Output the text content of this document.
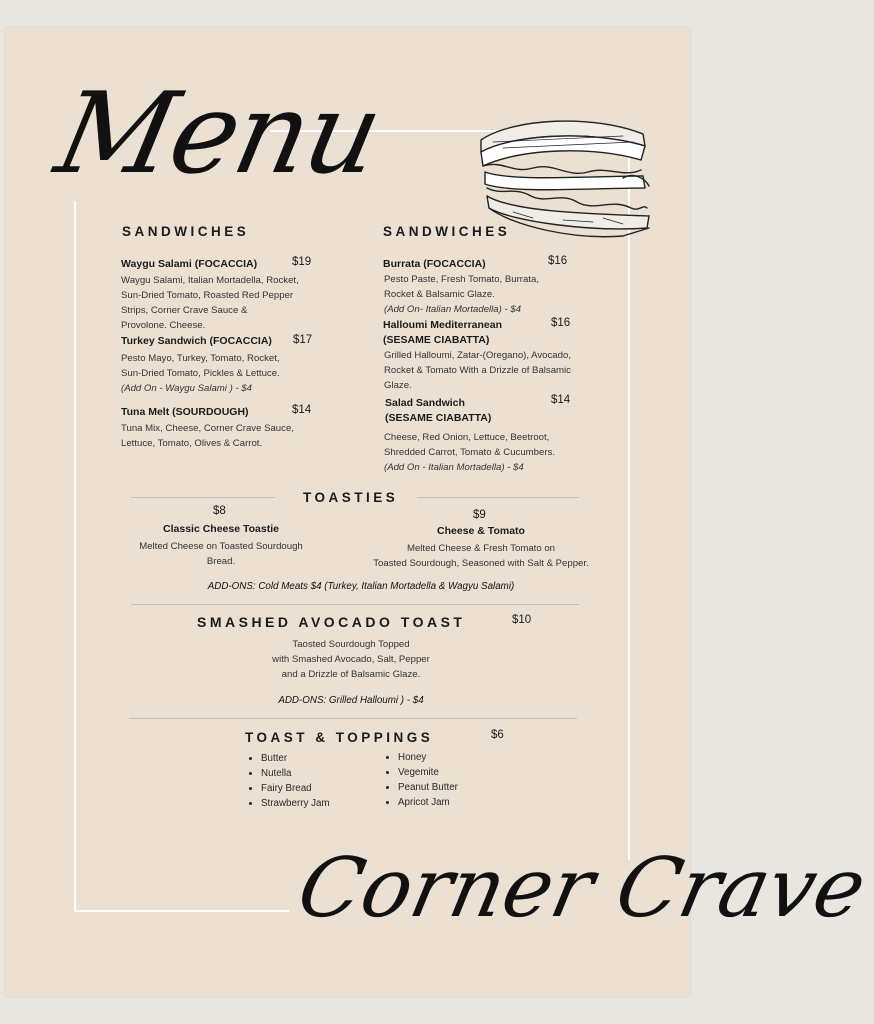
Menu
SANDWICHES
Waygu Salami (FOCACCIA)	$19
Waygu Salami, Italian Mortadella, Rocket,
Sun-Dried Tomato, Roasted Red Pepper
Strips, Corner Crave Sauce &
Provolone. Cheese.
Turkey Sandwich (FOCACCIA) $17
Pesto Mayo, Turkey, Tomato, Rocket,
Sun-Dried Tomato, Pickles & Lettuce.
(Add On - Waygu Salami ) - $4
Tuna Melt (SOURDOUGH)	$14
Tuna Mix, Cheese, Corner Crave Sauce,
Lettuce, Tomato, Olives & Carrot.
SANDWICHES
Burrata (FOCACCIA)	$16
Pesto Paste, Fresh Tomato, Burrata,
Rocket & Balsamic Glaze.
(Add On- Italian Mortadella) - $4
Halloumi Mediterranean
(SESAME CIABATTA)
$16
Grilled Halloumi, Zatar-(Oregano), Avocado,
Rocket & Tomato With a Drizzle of Balsamic
Glaze.
Salad Sandwich
(SESAME CIABATTA)
$14
Cheese, Red Onion, Lettuce, Beetroot,
Shredded Carrot, Tomato & Cucumbers.
(Add On - Italian Mortadella) - $4
TOASTIES
$8
Classic Cheese Toastie
Melted Cheese on Toasted Sourdough
Bread.
$9
Cheese & Tomato
Melted Cheese & Fresh Tomato on
Toasted Sourdough, Seasoned with Salt & Pepper.
ADD-ONS: Cold Meats $4 (Turkey, Italian Mortadella & Wagyu Salami)
SMASHED AVOCADO TOAST	$10
Taosted Sourdough Topped
with Smashed Avocado, Salt, Pepper
and a Drizzle of Balsamic Glaze.
ADD-ONS: Grilled Halloumi ) - $4
TOAST & TOPPINGS	$6
• Butter
• Nutella
• Fairy Bread
• Strawberry Jam
• Honey
• Vegemite
• Peanut Butter
• Apricot Jam
Corner Crave
